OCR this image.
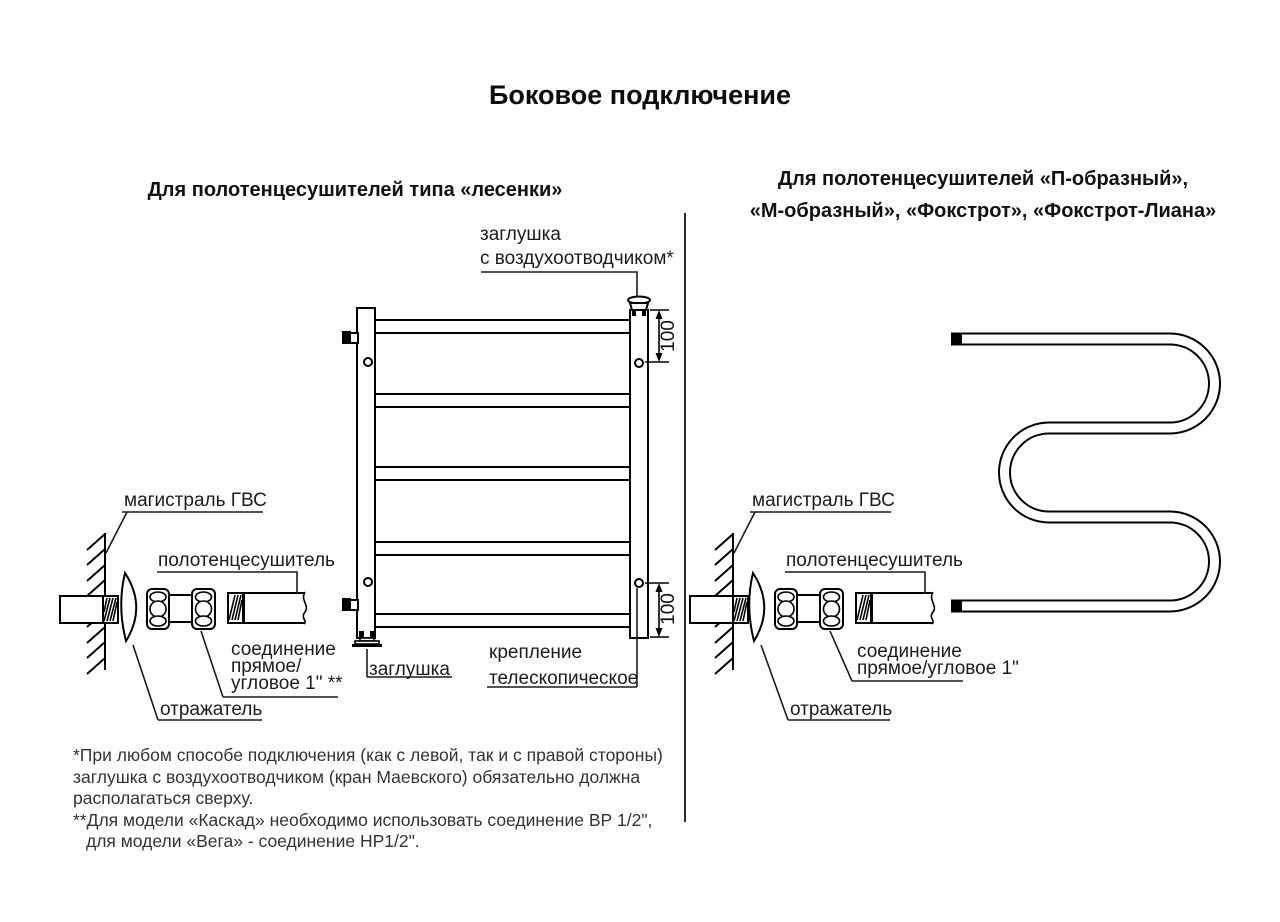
Боковое подключение
Для полотенцесушителей типа «лесенки»	Для полотенцесушителей «П-образный»,
«М-образный», «Фокстрот», «Фокстрот-Лиана»
заглушка
с воздухоотводчиком*
магистраль ГВС
полотенцесушитель
соединение
прямое/
угловое 1" **
отражатель
заглушка
крепление
телескопическое
100
100
магистраль ГВС
полотенцесушитель
соединение
прямое/угловое 1"
отражатель
*При любом способе подключения (как с левой, так и с правой стороны)
заглушка с воздухоотводчиком (кран Маевского) обязательно должна
располагаться сверху.
**Для модели «Каскад» необходимо использовать соединение ВР 1/2",
для модели «Вега» - соединение НР1/2".
